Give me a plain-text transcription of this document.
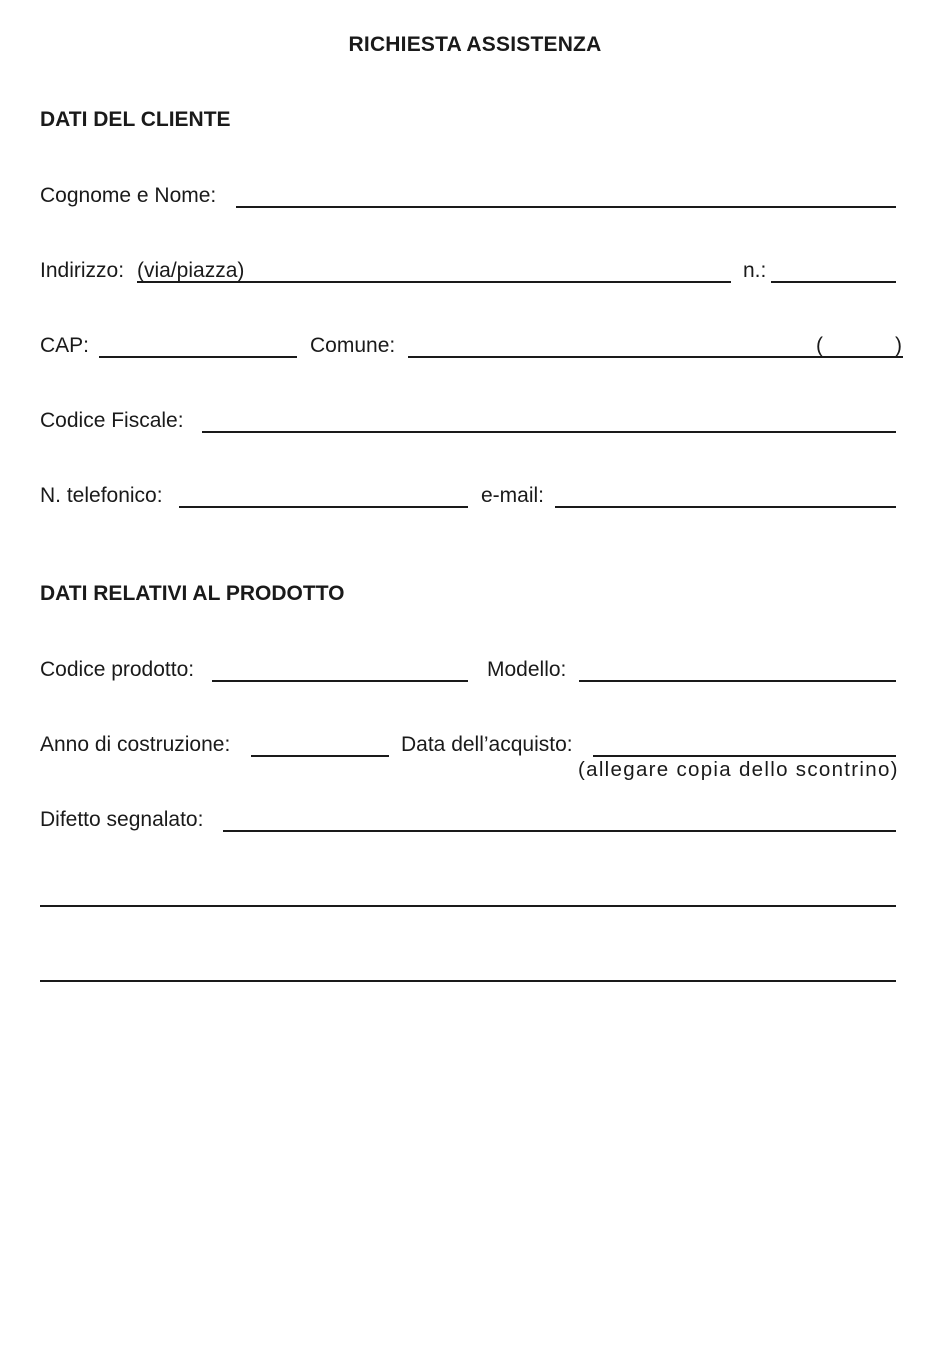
RICHIESTA ASSISTENZA
DATI DEL CLIENTE
Cognome e Nome:
Indirizzo: (via/piazza)	n.:
CAP:	Comune:	(	)
Codice Fiscale:
N. telefonico:	e-mail:
DATI RELATIVI AL PRODOTTO
Codice prodotto:	Modello:
Anno di costruzione:	Data dell’acquisto:
(allegare copia dello scontrino)
Difetto segnalato:
